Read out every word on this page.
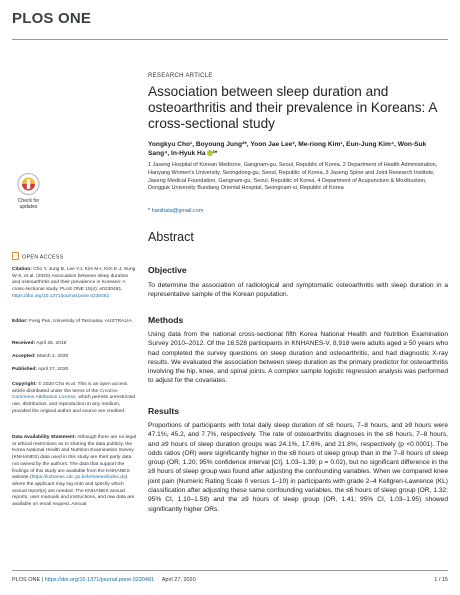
PLOS ONE
RESEARCH ARTICLE
Association between sleep duration and osteoarthritis and their prevalence in Koreans: A cross-sectional study
Yongkyu Cho¹, Boyoung Jung²*, Yoon Jae Lee³, Me-riong Kim¹, Eun-Jung Kim⁴, Won-Suk Sang⁴, In-Hyuk Ha ³*
1 Jaseng Hospital of Korean Medicine, Gangnam-gu, Seoul, Republic of Korea, 2 Department of Health Administration, Hanyang Women's University, Seongdong-gu, Seoul, Republic of Korea, 3 Jaseng Spine and Joint Research Institute, Jaseng Medical Foundation, Gangnam-gu, Seoul, Republic of Korea, 4 Department of Acupuncture & Moxibustion, Dongguk University Bundang Oriental Hospital, Seongnam-si, Republic of Korea
* hanihata@gmail.com
Abstract
Objective
To determine the association of radiological and symptomatic osteoarthritis with sleep duration in a representative sample of the Korean population.
Methods
Using data from the national cross-sectional fifth Korea National Health and Nutrition Examination Survey 2010–2012. Of the 16,528 participants in KNHANES-V, 8,918 were adults aged ≥ 50 years who had completed the survey questions on sleep duration and osteoarthritis, and had diagnostic X-ray results. We evaluated the association between sleep duration as the primary predictor for osteoarthritis involving the hip, knee, and spinal joints. A complex sample logistic regression analysis was performed to adjust for the covariates.
Results
Proportions of participants with total daily sleep duration of ≤6 hours, 7–8 hours, and ≥9 hours were 47.1%, 45.2, and 7.7%, respectively. The rate of osteoarthritis diagnoses in the ≤6 hours, 7–8 hours, and ≥9 hours of sleep duration groups was 24.1%, 17.6%, and 21.8%, respectively (p <0.0001). The odds ratios (OR) were significantly higher in the ≤6 hours of sleep group than in the 7–8 hours of sleep group (OR, 1.20; 95% confidence interval [CI], 1.03–1.39; p = 0.02), but no significant difference in the ≥9 hours of sleep group was found after adjusting the confounding variables. When we compared knee joint pain (Numeric Rating Scale 0 versus 1–10) in participants with grade 2–4 Kellgren-Lawrence (KL) classification after adjusting these same confounding variables, the ≤6 hours of sleep group (OR, 1.32; 95% CI, 1.10–1.58) and the ≥9 hours of sleep group (OR, 1.41; 95% CI, 1.03–1.95) showed significantly higher ORs.
Check for
updates
OPEN ACCESS
Citation: Cho Y, Jung B, Lee YJ, Kim M-r, Kim E-J, Sung W-S, et al. (2020) Association between sleep duration and osteoarthritis and their prevalence in Koreans: A cross-sectional study. PLoS ONE 15(4): e0230481. https://doi.org/10.1371/journal.pone.0230481
Editor: Feng Pan, University of Tasmania, AUSTRALIA
Received: April 28, 2019
Accepted: March 2, 2020
Published: April 27, 2020
Copyright: © 2020 Cho et al. This is an open access article distributed under the terms of the Creative Commons Attribution License, which permits unrestricted use, distribution, and reproduction in any medium, provided the original author and source are credited.
Data Availability Statement: Although there are no legal or ethical restrictions as to sharing the data publicly, the Korea National Health and Nutrition Examination Survey (KNHANES) data used in this study are third party data not owned by the authors. The data that support the findings of this study are available from the KNHANES website (https://knhanes.cdc.go.kr/knhanes/index.do) where the applicant may log onto and specify which annual report(s) are needed. The KNHANES annual reports, user manuals and instructions, and raw data are available on email request. Annual
PLOS ONE | https://doi.org/10.1371/journal.pone.0230481 April 27, 2020	1 / 15
